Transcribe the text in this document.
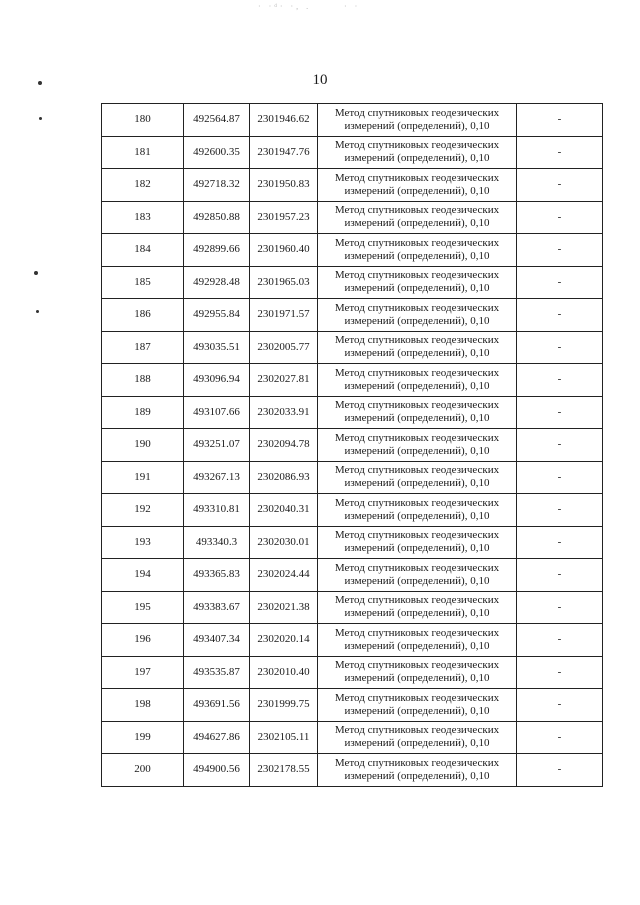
· ·ᵈ· ·, .	· ·
10
180	492564.87	2301946.62	Метод спутниковых геодезических
измерений (определений), 0,10	-
181	492600.35	2301947.76	Метод спутниковых геодезических
измерений (определений), 0,10	-
182	492718.32	2301950.83	Метод спутниковых геодезических
измерений (определений), 0,10	-
183	492850.88	2301957.23	Метод спутниковых геодезических
измерений (определений), 0,10	-
184	492899.66	2301960.40	Метод спутниковых геодезических
измерений (определений), 0,10	-
185	492928.48	2301965.03	Метод спутниковых геодезических
измерений (определений), 0,10	-
186	492955.84	2301971.57	Метод спутниковых геодезических
измерений (определений), 0,10	-
187	493035.51	2302005.77	Метод спутниковых геодезических
измерений (определений), 0,10	-
188	493096.94	2302027.81	Метод спутниковых геодезических
измерений (определений), 0,10	-
189	493107.66	2302033.91	Метод спутниковых геодезических
измерений (определений), 0,10	-
190	493251.07	2302094.78	Метод спутниковых геодезических
измерений (определений), 0,10	-
191	493267.13	2302086.93	Метод спутниковых геодезических
измерений (определений), 0,10	-
192	493310.81	2302040.31	Метод спутниковых геодезических
измерений (определений), 0,10	-
193	493340.3	2302030.01	Метод спутниковых геодезических
измерений (определений), 0,10	-
194	493365.83	2302024.44	Метод спутниковых геодезических
измерений (определений), 0,10	-
195	493383.67	2302021.38	Метод спутниковых геодезических
измерений (определений), 0,10	-
196	493407.34	2302020.14	Метод спутниковых геодезических
измерений (определений), 0,10	-
197	493535.87	2302010.40	Метод спутниковых геодезических
измерений (определений), 0,10	-
198	493691.56	2301999.75	Метод спутниковых геодезических
измерений (определений), 0,10	-
199	494627.86	2302105.11	Метод спутниковых геодезических
измерений (определений), 0,10	-
200	494900.56	2302178.55	Метод спутниковых геодезических
измерений (определений), 0,10	-
